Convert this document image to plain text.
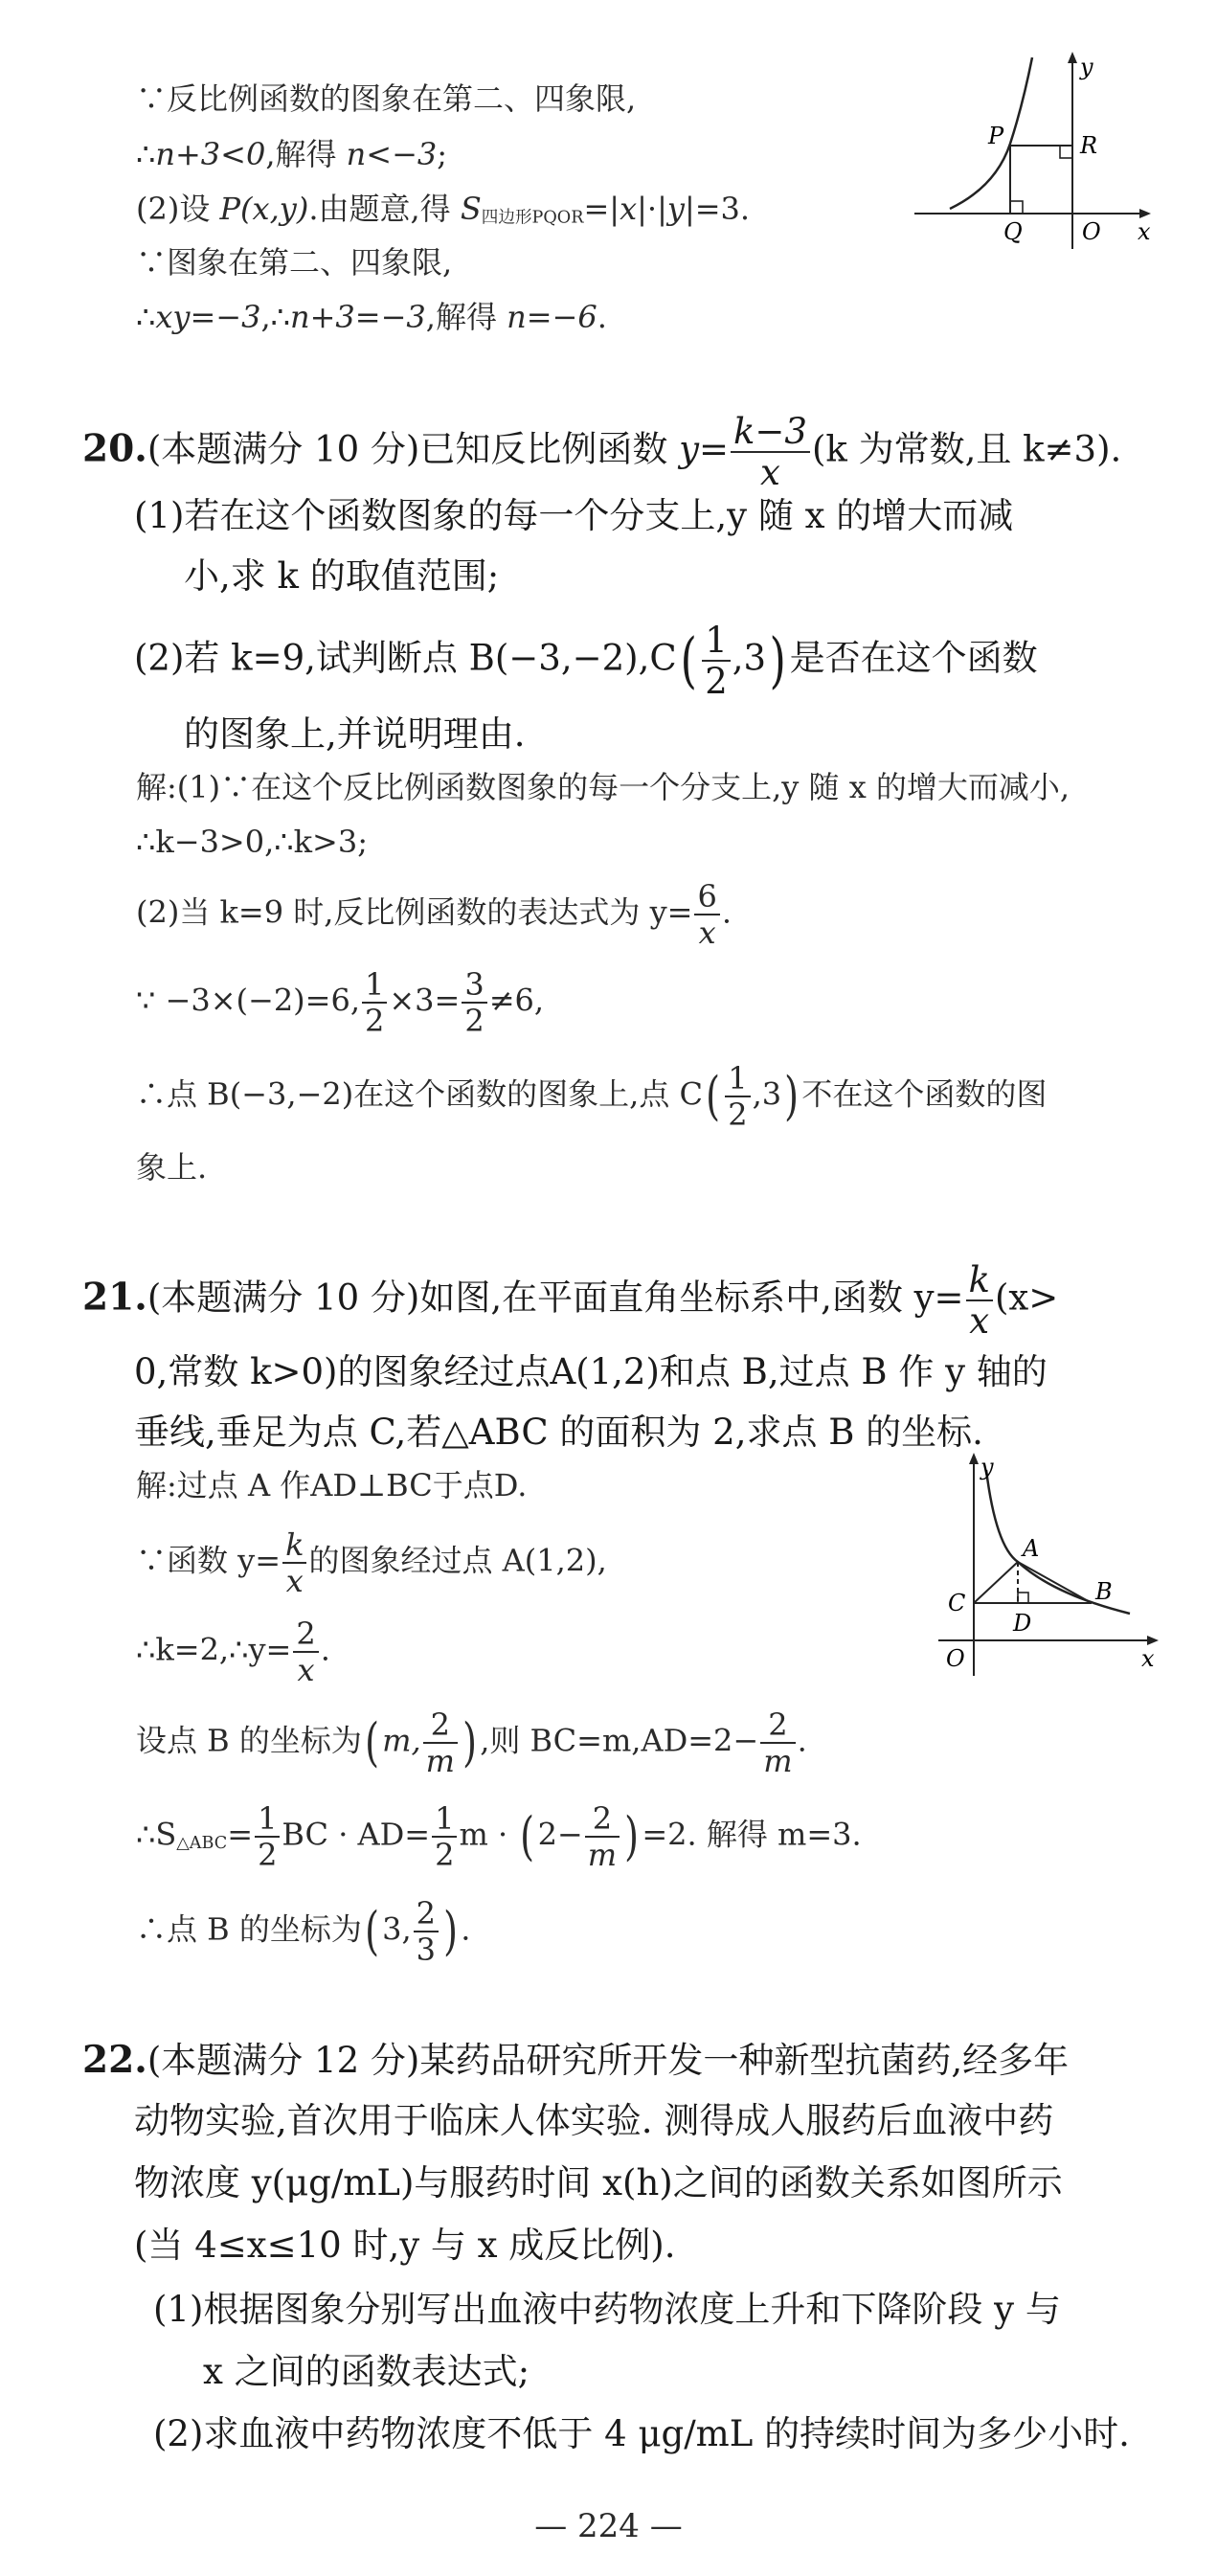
∵反比例函数的图象在第二、四象限,
∴n+3<0,解得 n<−3;
(2)设 P(x,y).由题意,得 S四边形PQOR=|x|·|y|=3.
∵图象在第二、四象限,
∴xy=−3,∴n+3=−3,解得 n=−6.
y
x
P
Q	O
R
20.(本题满分 10 分)已知反比例函数 $y= \frac{k-3}{x} (k$ 为常数,且 k≠3).
(1)若在这个函数图象的每一个分支上,y 随 x 的增大而减
小,求 k 的取值范围;
(2)若 k=9,试判断点 $B(-3,-2),C( \frac{1}{2} ,3)$是否在这个函数
的图象上,并说明理由.
解:(1)∵在这个反比例函数图象的每一个分支上,y 随 x 的增大而减小,
∴k−3>0,∴k>3;
(2)当 k=9 时,反比例函数的表达式为 $y= \frac{6}{x}$ .
∵ −3×(−2)=6, $\frac{1}{2} \times 3= \frac{3}{2} \ne 6$,
∴点 B(−3,−2)在这个函数的图象上,点 $C( \frac{1}{2} ,3)$不在这个函数的图
象上.
21.(本题满分 10 分)如图,在平面直角坐标系中,函数 $y= \frac{k}{x} (x>$
0,常数 k>0)的图象经过点A(1,2)和点 B,过点 B 作 y 轴的
垂线,垂足为点 C,若△ABC 的面积为 2,求点 B 的坐标.
解:过点 A 作AD⊥BC于点D.
∵函数 $y= \frac{k}{x}$ 的图象经过点 A(1,2),
∴k=2,∴y= $\frac{2}{x}$ .
设点 B 的坐标为(m, $\frac{2}{m}$ ),则 $BC=m,AD=2- \frac{2}{m}$ .
∴S△ABC= $\frac{1}{2}$ BC · $AD= \frac{1}{2}$ $m \cdot (2- \frac{2}{m} )=2$. 解得 m=3.
∴点 B 的坐标为(3, $\frac{2}{3}$ ).
y
x
A
B
C
D
O
22.(本题满分 12 分)某药品研究所开发一种新型抗菌药,经多年
动物实验,首次用于临床人体实验. 测得成人服药后血液中药
物浓度 y(μg/mL)与服药时间 x(h)之间的函数关系如图所示
(当 4≤x≤10 时,y 与 x 成反比例).
(1)根据图象分别写出血液中药物浓度上升和下降阶段 y 与
x 之间的函数表达式;
(2)求血液中药物浓度不低于 4 μg/mL 的持续时间为多少小时.
— 224 —
